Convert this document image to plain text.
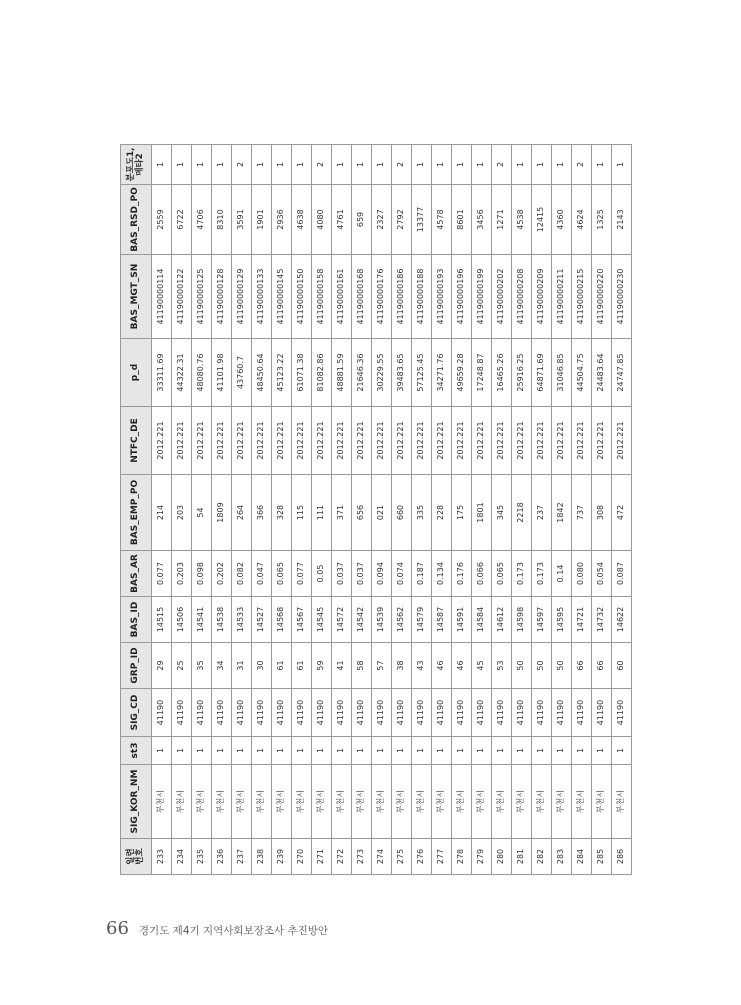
일련
번호	SIG_KOR_NM	st3	SIG_CD	GRP_ID	BAS_ID	BAS_AR	BAS_EMP_PO	NTFC_DE	p_d	BAS_MGT_SN	BAS_RSD_PO	분포도1,
메타2
233	부천시	1	41190	29	14515	0.077	214	2012.221	33311.69	41190000114	2559	1
234	부천시	1	41190	25	14506	0.203	203	2012.221	44322.31	41190000122	6722	1
235	부천시	1	41190	35	14541	0.098	54	2012.221	48080.76	41190000125	4706	1
236	부천시	1	41190	34	14538	0.202	1809	2012.221	41101.98	41190000128	8310	1
237	부천시	1	41190	31	14533	0.082	264	2012.221	43760.7	41190000129	3591	2
238	부천시	1	41190	30	14527	0.047	366	2012.221	48450.64	41190000133	1901	1
239	부천시	1	41190	61	14568	0.065	328	2012.221	45123.22	41190000145	2936	1
270	부천시	1	41190	61	14567	0.077	115	2012.221	61071.38	41190000150	4638	1
271	부천시	1	41190	59	14545	0.05	111	2012.221	81082.86	41190000158	4080	2
272	부천시	1	41190	41	14572	0.037	371	2012.221	48881.59	41190000161	4761	1
273	부천시	1	41190	58	14542	0.037	656	2012.221	21646.36	41190000168	659	1
274	부천시	1	41190	57	14539	0.094	021	2012.221	30229.55	41190000176	2327	1
275	부천시	1	41190	38	14562	0.074	660	2012.221	39483.65	41190000186	2792	2
276	부천시	1	41190	43	14579	0.187	335	2012.221	57125.45	41190000188	13377	1
277	부천시	1	41190	46	14587	0.134	228	2012.221	34271.76	41190000193	4578	1
278	부천시	1	41190	46	14591	0.176	175	2012.221	49659.28	41190000196	8601	1
279	부천시	1	41190	45	14584	0.066	1801	2012.221	17248.87	41190000199	3456	1
280	부천시	1	41190	53	14612	0.065	345	2012.221	16465.26	41190000202	1271	2
281	부천시	1	41190	50	14598	0.173	2218	2012.221	25916.25	41190000208	4538	1
282	부천시	1	41190	50	14597	0.173	237	2012.221	64871.69	41190000209	12415	1
283	부천시	1	41190	50	14595	0.14	1842	2012.221	31046.85	41190000211	4360	1
284	부천시	1	41190	66	14721	0.080	737	2012.221	44504.75	41190000215	4624	2
285	부천시	1	41190	66	14732	0.054	308	2012.221	24483.64	41190000220	1325	1
286	부천시	1	41190	60	14622	0.087	472	2012.221	24747.85	41190000230	2143	1
66 경기도 제4기 지역사회보장조사 추진방안
